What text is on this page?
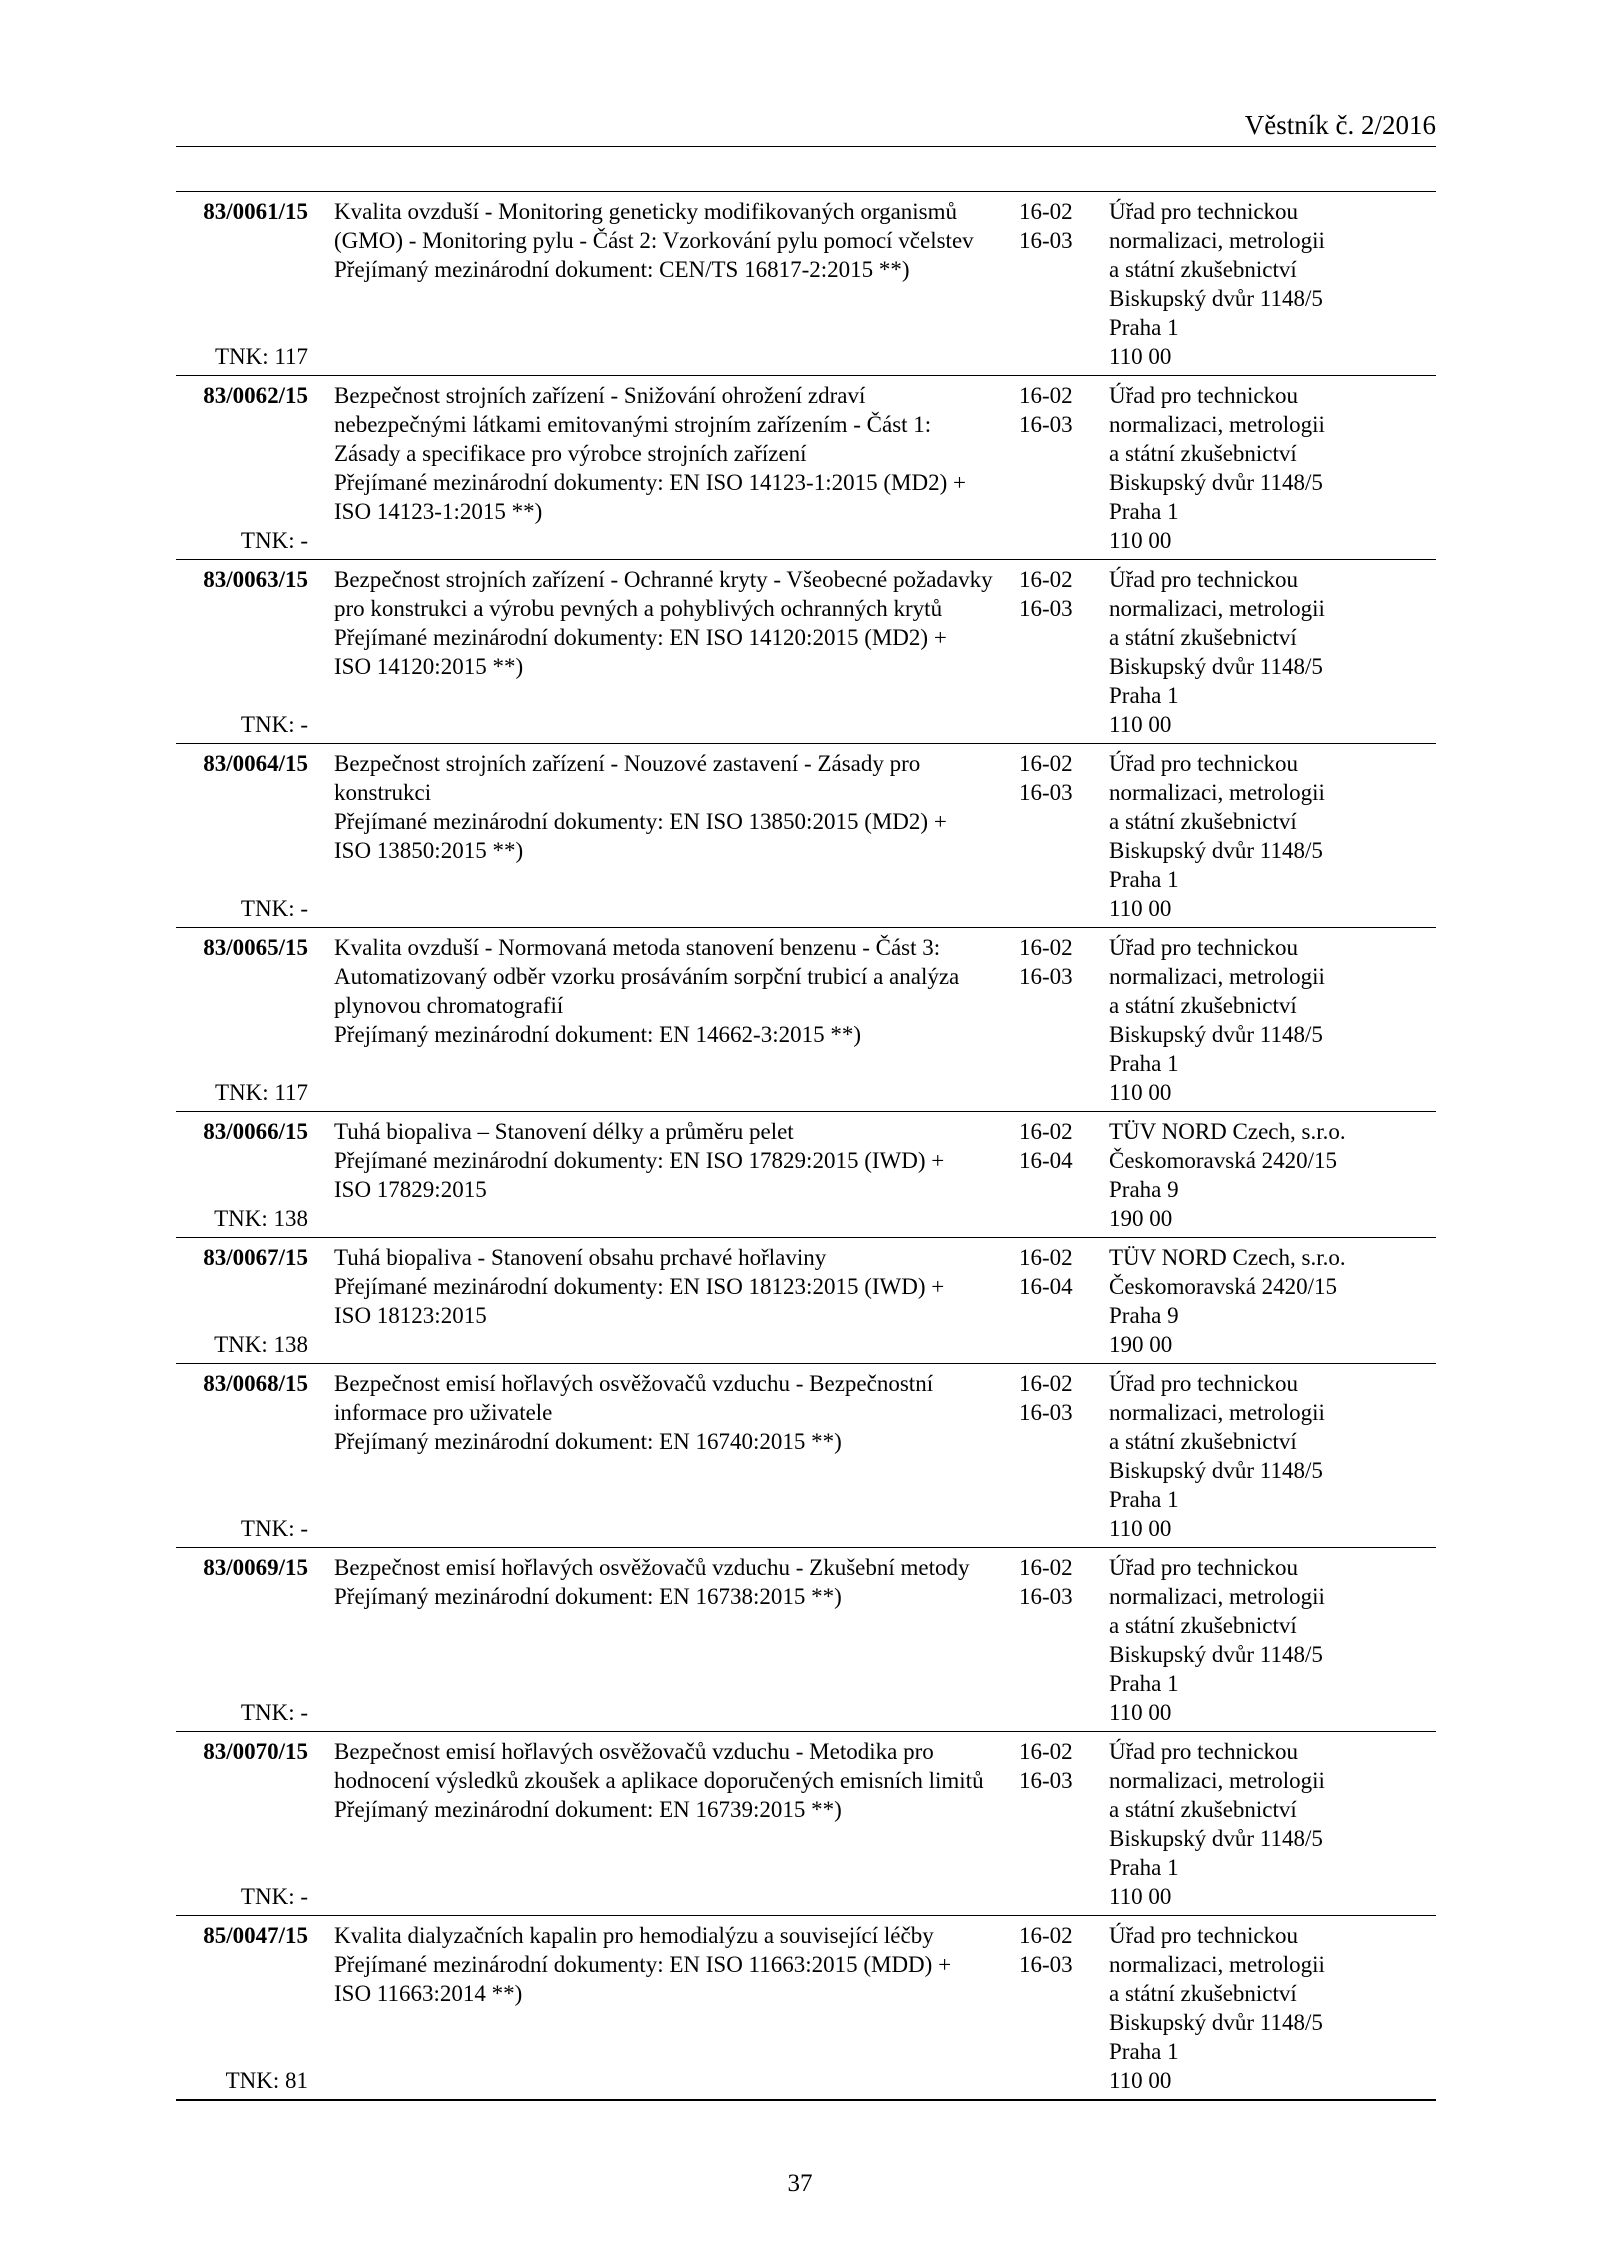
Věstník č. 2/2016
83/0061/15
TNK: 117
Kvalita ovzduší - Monitoring geneticky modifikovaných organismů
(GMO) - Monitoring pylu - Část 2: Vzorkování pylu pomocí včelstev
Přejímaný mezinárodní dokument: CEN/TS 16817-2:2015 **)
16-02
16-03
Úřad pro technickou
normalizaci, metrologii
a státní zkušebnictví
Biskupský dvůr 1148/5
Praha 1
110 00
83/0062/15
TNK: -
Bezpečnost strojních zařízení - Snižování ohrožení zdraví
nebezpečnými látkami emitovanými strojním zařízením - Část 1:
Zásady a specifikace pro výrobce strojních zařízení
Přejímané mezinárodní dokumenty: EN ISO 14123-1:2015 (MD2) +
ISO 14123-1:2015 **)
16-02
16-03
Úřad pro technickou
normalizaci, metrologii
a státní zkušebnictví
Biskupský dvůr 1148/5
Praha 1
110 00
83/0063/15
TNK: -
Bezpečnost strojních zařízení - Ochranné kryty - Všeobecné požadavky
pro konstrukci a výrobu pevných a pohyblivých ochranných krytů
Přejímané mezinárodní dokumenty: EN ISO 14120:2015 (MD2) +
ISO 14120:2015 **)
16-02
16-03
Úřad pro technickou
normalizaci, metrologii
a státní zkušebnictví
Biskupský dvůr 1148/5
Praha 1
110 00
83/0064/15
TNK: -
Bezpečnost strojních zařízení - Nouzové zastavení - Zásady pro
konstrukci
Přejímané mezinárodní dokumenty: EN ISO 13850:2015 (MD2) +
ISO 13850:2015 **)
16-02
16-03
Úřad pro technickou
normalizaci, metrologii
a státní zkušebnictví
Biskupský dvůr 1148/5
Praha 1
110 00
83/0065/15
TNK: 117
Kvalita ovzduší - Normovaná metoda stanovení benzenu - Část 3:
Automatizovaný odběr vzorku prosáváním sorpční trubicí a analýza
plynovou chromatografií
Přejímaný mezinárodní dokument: EN 14662-3:2015 **)
16-02
16-03
Úřad pro technickou
normalizaci, metrologii
a státní zkušebnictví
Biskupský dvůr 1148/5
Praha 1
110 00
83/0066/15
TNK: 138
Tuhá biopaliva – Stanovení délky a průměru pelet
Přejímané mezinárodní dokumenty: EN ISO 17829:2015 (IWD) +
ISO 17829:2015
16-02
16-04
TÜV NORD Czech, s.r.o.
Českomoravská 2420/15
Praha 9
190 00
83/0067/15
TNK: 138
Tuhá biopaliva - Stanovení obsahu prchavé hořlaviny
Přejímané mezinárodní dokumenty: EN ISO 18123:2015 (IWD) +
ISO 18123:2015
16-02
16-04
TÜV NORD Czech, s.r.o.
Českomoravská 2420/15
Praha 9
190 00
83/0068/15
TNK: -
Bezpečnost emisí hořlavých osvěžovačů vzduchu - Bezpečnostní
informace pro uživatele
Přejímaný mezinárodní dokument: EN 16740:2015 **)
16-02
16-03
Úřad pro technickou
normalizaci, metrologii
a státní zkušebnictví
Biskupský dvůr 1148/5
Praha 1
110 00
83/0069/15
TNK: -
Bezpečnost emisí hořlavých osvěžovačů vzduchu - Zkušební metody
Přejímaný mezinárodní dokument: EN 16738:2015 **)
16-02
16-03
Úřad pro technickou
normalizaci, metrologii
a státní zkušebnictví
Biskupský dvůr 1148/5
Praha 1
110 00
83/0070/15
TNK: -
Bezpečnost emisí hořlavých osvěžovačů vzduchu - Metodika pro
hodnocení výsledků zkoušek a aplikace doporučených emisních limitů
Přejímaný mezinárodní dokument: EN 16739:2015 **)
16-02
16-03
Úřad pro technickou
normalizaci, metrologii
a státní zkušebnictví
Biskupský dvůr 1148/5
Praha 1
110 00
85/0047/15
TNK: 81
Kvalita dialyzačních kapalin pro hemodialýzu a související léčby
Přejímané mezinárodní dokumenty: EN ISO 11663:2015 (MDD) +
ISO 11663:2014 **)
16-02
16-03
Úřad pro technickou
normalizaci, metrologii
a státní zkušebnictví
Biskupský dvůr 1148/5
Praha 1
110 00
37
